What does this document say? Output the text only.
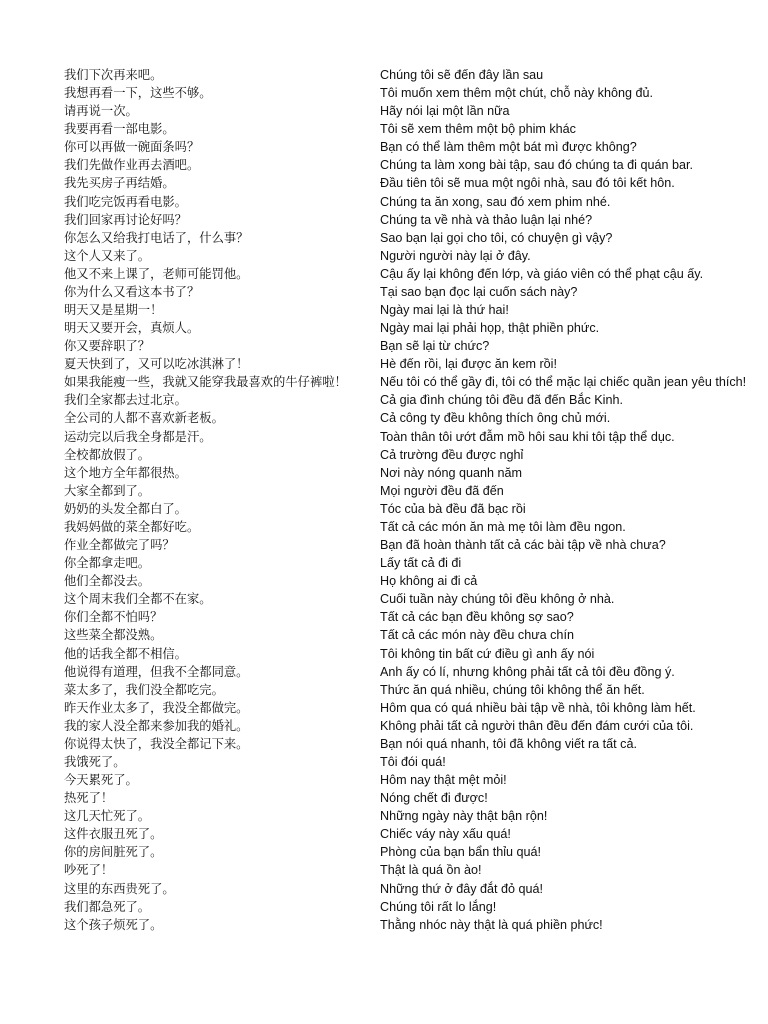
我们下次再来吧。	Chúng tôi sẽ đến đây lần sau
我想再看一下，这些不够。	Tôi muốn xem thêm một chút, chỗ này không đủ.
请再说一次。	Hãy nói lại một lần nữa
我要再看一部电影。	Tôi sẽ xem thêm một bộ phim khác
你可以再做一碗面条吗？	Bạn có thể làm thêm một bát mì được không?
我们先做作业再去酒吧。	Chúng ta làm xong bài tập, sau đó chúng ta đi quán bar.
我先买房子再结婚。	Đầu tiên tôi sẽ mua một ngôi nhà, sau đó tôi kết hôn.
我们吃完饭再看电影。	Chúng ta ăn xong, sau đó xem phim nhé.
我们回家再讨论好吗？	Chúng ta về nhà và thảo luận lại nhé?
你怎么又给我打电话了，什么事？	Sao bạn lại gọi cho tôi, có chuyện gì vậy?
这个人又来了。	Người người này lại ở đây.
他又不来上课了，老师可能罚他。	Cậu ấy lại không đến lớp, và giáo viên có thể phạt cậu ấy.
你为什么又看这本书了？	Tại sao bạn đọc lại cuốn sách này?
明天又是星期一！	Ngày mai lại là thứ hai!
明天又要开会，真烦人。	Ngày mai lại phải họp, thật phiền phức.
你又要辞职了？	Bạn sẽ lại từ chức?
夏天快到了，又可以吃冰淇淋了！	Hè đến rồi, lại được ăn kem rồi!
如果我能瘦一些，我就又能穿我最喜欢的牛仔裤啦！	Nếu tôi có thể gầy đi, tôi có thể mặc lại chiếc quần jean yêu thích!
我们全家都去过北京。	Cả gia đình chúng tôi đều đã đến Bắc Kinh.
全公司的人都不喜欢新老板。	Cả công ty đều không thích ông chủ mới.
运动完以后我全身都是汗。	Toàn thân tôi ướt đẫm mồ hôi sau khi tôi tập thể dục.
全校都放假了。	Cả trường đều được nghỉ
这个地方全年都很热。	Nơi này nóng quanh năm
大家全都到了。	Mọi người đều đã đến
奶奶的头发全都白了。	Tóc của bà đều đã bạc rồi
我妈妈做的菜全都好吃。	Tất cả các món ăn mà mẹ tôi làm đều ngon.
作业全都做完了吗？	Bạn đã hoàn thành tất cả các bài tập về nhà chưa?
你全都拿走吧。	Lấy tất cả đi đi
他们全都没去。	Họ không ai đi cả
这个周末我们全都不在家。	Cuối tuần này chúng tôi đều không ở nhà.
你们全都不怕吗？	Tất cả các bạn đều không sợ sao?
这些菜全都没熟。	Tất cả các món này đều chưa chín
他的话我全都不相信。	Tôi không tin bất cứ điều gì anh ấy nói
他说得有道理，但我不全都同意。	Anh ấy có lí, nhưng không phải tất cả tôi đều đồng ý.
菜太多了，我们没全都吃完。	Thức ăn quá nhiều, chúng tôi không thể ăn hết.
昨天作业太多了，我没全都做完。	Hôm qua có quá nhiều bài tập về nhà, tôi không làm hết.
我的家人没全都来参加我的婚礼。	Không phải tất cả người thân đều đến đám cưới của tôi.
你说得太快了，我没全都记下来。	Bạn nói quá nhanh, tôi đã không viết ra tất cả.
我饿死了。	Tôi đói quá!
今天累死了。	Hôm nay thật mệt mỏi!
热死了！	Nóng chết đi được!
这几天忙死了。	Những ngày này thật bận rộn!
这件衣服丑死了。	Chiếc váy này xấu quá!
你的房间脏死了。	Phòng của bạn bẩn thỉu quá!
吵死了！	Thật là quá ồn ào!
这里的东西贵死了。	Những thứ ở đây đắt đỏ quá!
我们都急死了。	Chúng tôi rất lo lắng!
这个孩子烦死了。	Thằng nhóc này thật là quá phiền phức!
